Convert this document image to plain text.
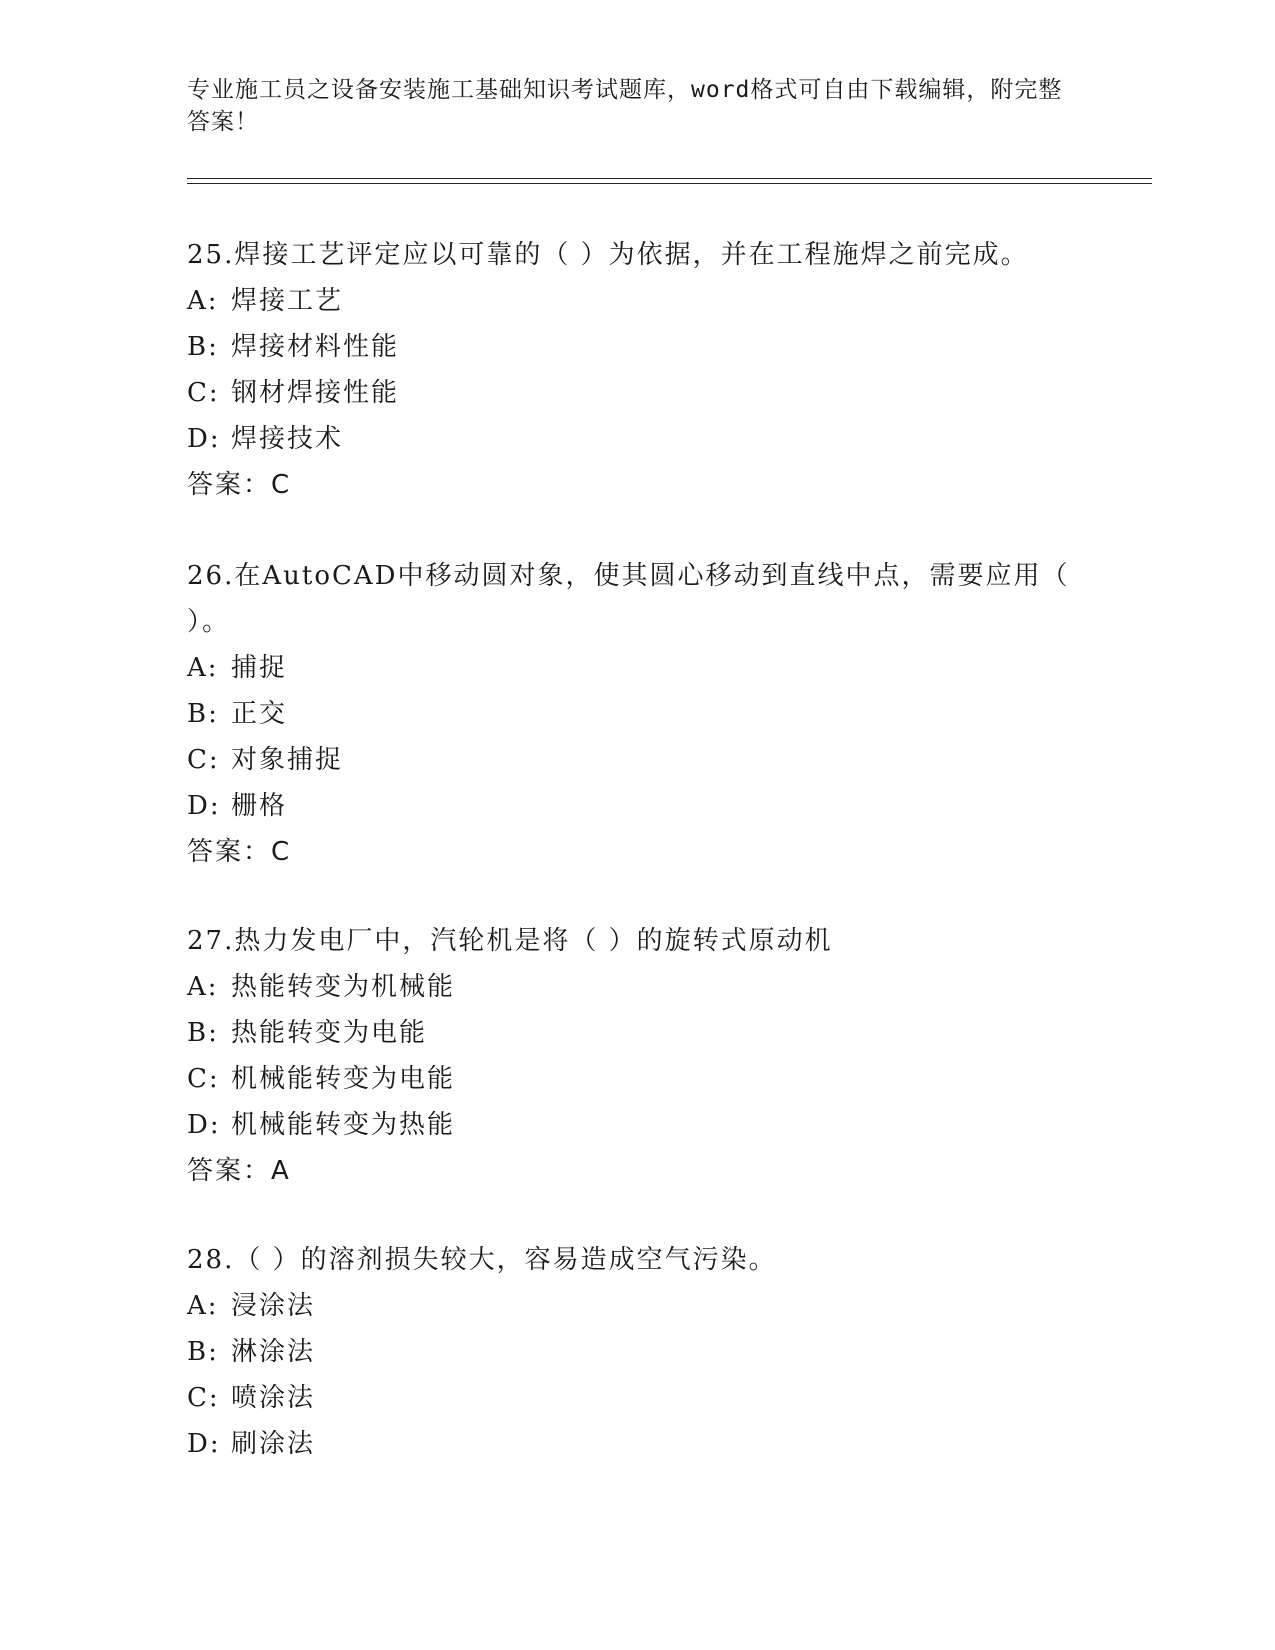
专业施工员之设备安装施工基础知识考试题库，word格式可自由下载编辑，附完整答案！

25.焊接工艺评定应以可靠的（ ）为依据，并在工程施焊之前完成。

A: 焊接工艺
B: 焊接材料性能
C: 钢材焊接性能
D: 焊接技术
答案：C

26.在AutoCAD中移动圆对象，使其圆心移动到直线中点，需要应用（ ）。

A: 捕捉
B: 正交
C: 对象捕捉
D: 栅格
答案：C

27.热力发电厂中，汽轮机是将（ ）的旋转式原动机

A: 热能转变为机械能
B: 热能转变为电能
C: 机械能转变为电能
D: 机械能转变为热能
答案：A

28.（ ）的溶剂损失较大，容易造成空气污染。

A: 浸涂法
B: 淋涂法
C: 喷涂法
D: 刷涂法
